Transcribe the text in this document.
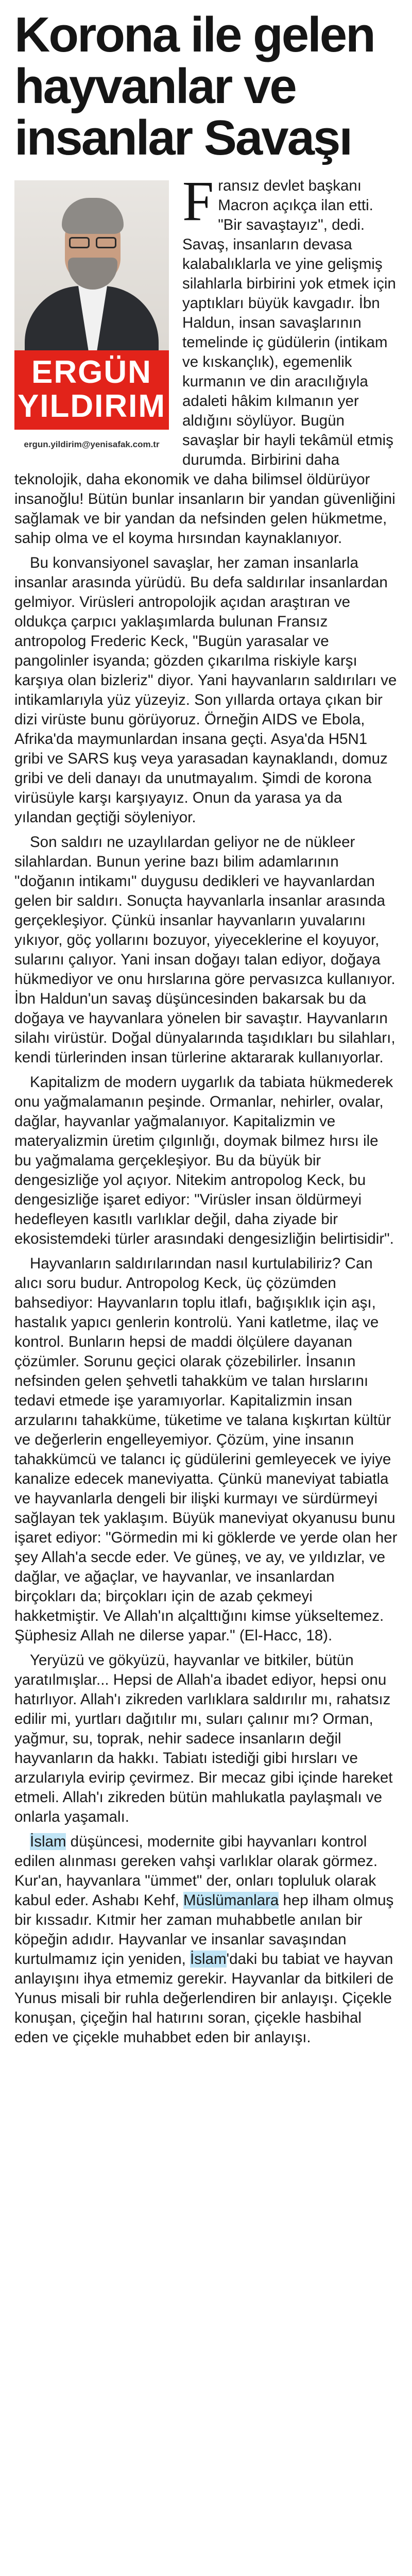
Korona ile gelen
hayvanlar ve
insanlar Savaşı
ERGÜN
YILDIRIM
ergun.yildirim@yenisafak.com.tr

Fransız devlet başkanı Macron açıkça ilan etti. "Bir savaştayız", dedi. Savaş, insanların devasa kalabalıklarla ve yine gelişmiş silahlarla birbirini yok etmek için yaptıkları büyük kavgadır. İbn Haldun, insan savaşlarının temelinde iç güdülerin (intikam ve kıskançlık), egemenlik kurmanın ve din aracılığıyla adaleti hâkim kılmanın yer aldığını söylüyor. Bugün savaşlar bir hayli tekâmül etmiş durumda. Birbirini daha teknolojik, daha ekonomik ve daha bilimsel öldürüyor insanoğlu! Bütün bunlar insanların bir yandan güvenliğini sağlamak ve bir yandan da nefsinden gelen hükmetme, sahip olma ve el koyma hırsından kaynaklanıyor.

Bu konvansiyonel savaşlar, her zaman insanlarla insanlar arasında yürüdü. Bu defa saldırılar insanlardan gelmiyor. Virüsleri antropolojik açıdan araştıran ve oldukça çarpıcı yaklaşımlarda bulunan Fransız antropolog Frederic Keck, "Bugün yarasalar ve pangolinler isyanda; gözden çıkarılma riskiyle karşı karşıya olan bizleriz" diyor. Yani hayvanların saldırıları ve intikamlarıyla yüz yüzeyiz. Son yıllarda ortaya çıkan bir dizi virüste bunu görüyoruz. Örneğin AIDS ve Ebola, Afrika'da maymunlardan insana geçti. Asya'da H5N1 gribi ve SARS kuş veya yarasadan kaynaklandı, domuz gribi ve deli danayı da unutmayalım. Şimdi de korona virüsüyle karşı karşıyayız. Onun da yarasa ya da yılandan geçtiği söyleniyor.

Son saldırı ne uzaylılardan geliyor ne de nükleer silahlardan. Bunun yerine bazı bilim adamlarının "doğanın intikamı" duygusu dedikleri ve hayvanlardan gelen bir saldırı. Sonuçta hayvanlarla insanlar arasında gerçekleşiyor. Çünkü insanlar hayvanların yuvalarını yıkıyor, göç yollarını bozuyor, yiyeceklerine el koyuyor, sularını çalıyor. Yani insan doğayı talan ediyor, doğaya hükmediyor ve onu hırslarına göre pervasızca kullanıyor. İbn Haldun'un savaş düşüncesinden bakarsak bu da doğaya ve hayvanlara yönelen bir savaştır. Hayvanların silahı virüstür. Doğal dünyalarında taşıdıkları bu silahları, kendi türlerinden insan türlerine aktararak kullanıyorlar.

Kapitalizm de modern uygarlık da tabiata hükmederek onu yağmalamanın peşinde. Ormanlar, nehirler, ovalar, dağlar, hayvanlar yağmalanıyor. Kapitalizmin ve materyalizmin üretim çılgınlığı, doymak bilmez hırsı ile bu yağmalama gerçekleşiyor. Bu da büyük bir dengesizliğe yol açıyor. Nitekim antropolog Keck, bu dengesizliğe işaret ediyor: "Virüsler insan öldürmeyi hedefleyen kasıtlı varlıklar değil, daha ziyade bir ekosistemdeki türler arasındaki dengesizliğin belirtisidir".

Hayvanların saldırılarından nasıl kurtulabiliriz? Can alıcı soru budur. Antropolog Keck, üç çözümden bahsediyor: Hayvanların toplu itlafı, bağışıklık için aşı, hastalık yapıcı genlerin kontrolü. Yani katletme, ilaç ve kontrol. Bunların hepsi de maddi ölçülere dayanan çözümler. Sorunu geçici olarak çözebilirler. İnsanın nefsinden gelen şehvetli tahakküm ve talan hırslarını tedavi etmede işe yaramıyorlar. Kapitalizmin insan arzularını tahakküme, tüketime ve talana kışkırtan kültür ve değerlerin engelleyemiyor. Çözüm, yine insanın tahakkümcü ve talancı iç güdülerini gemleyecek ve iyiye kanalize edecek maneviyatta. Çünkü maneviyat tabiatla ve hayvanlarla dengeli bir ilişki kurmayı ve sürdürmeyi sağlayan tek yaklaşım. Büyük maneviyat okyanusu bunu işaret ediyor: "Görmedin mi ki göklerde ve yerde olan her şey Allah'a secde eder. Ve güneş, ve ay, ve yıldızlar, ve dağlar, ve ağaçlar, ve hayvanlar, ve insanlardan birçokları da; birçokları için de azab çekmeyi hakketmiştir. Ve Allah'ın alçalttığını kimse yükseltemez. Şüphesiz Allah ne dilerse yapar." (El-Hacc, 18).

Yeryüzü ve gökyüzü, hayvanlar ve bitkiler, bütün yaratılmışlar... Hepsi de Allah'a ibadet ediyor, hepsi onu hatırlıyor. Allah'ı zikreden varlıklara saldırılır mı, rahatsız edilir mi, yurtları dağıtılır mı, suları çalınır mı? Orman, yağmur, su, toprak, nehir sadece insanların değil hayvanların da hakkı. Tabiatı istediği gibi hırsları ve arzularıyla evirip çevirmez. Bir mecaz gibi içinde hareket etmeli. Allah'ı zikreden bütün mahlukatla paylaşmalı ve onlarla yaşamalı.

İslam düşüncesi, modernite gibi hayvanları kontrol edilen alınması gereken vahşi varlıklar olarak görmez. Kur'an, hayvanlara "ümmet" der, onları topluluk olarak kabul eder. Ashabı Kehf, Müslümanlara hep ilham olmuş bir kıssadır. Kıtmir her zaman muhabbetle anılan bir köpeğin adıdır. Hayvanlar ve insanlar savaşından kurtulmamız için yeniden, İslam'daki bu tabiat ve hayvan anlayışını ihya etmemiz gerekir. Hayvanlar da bitkileri de Yunus misali bir ruhla değerlendiren bir anlayışı. Çiçekle konuşan, çiçeğin hal hatırını soran, çiçekle hasbihal eden ve çiçekle muhabbet eden bir anlayışı.
